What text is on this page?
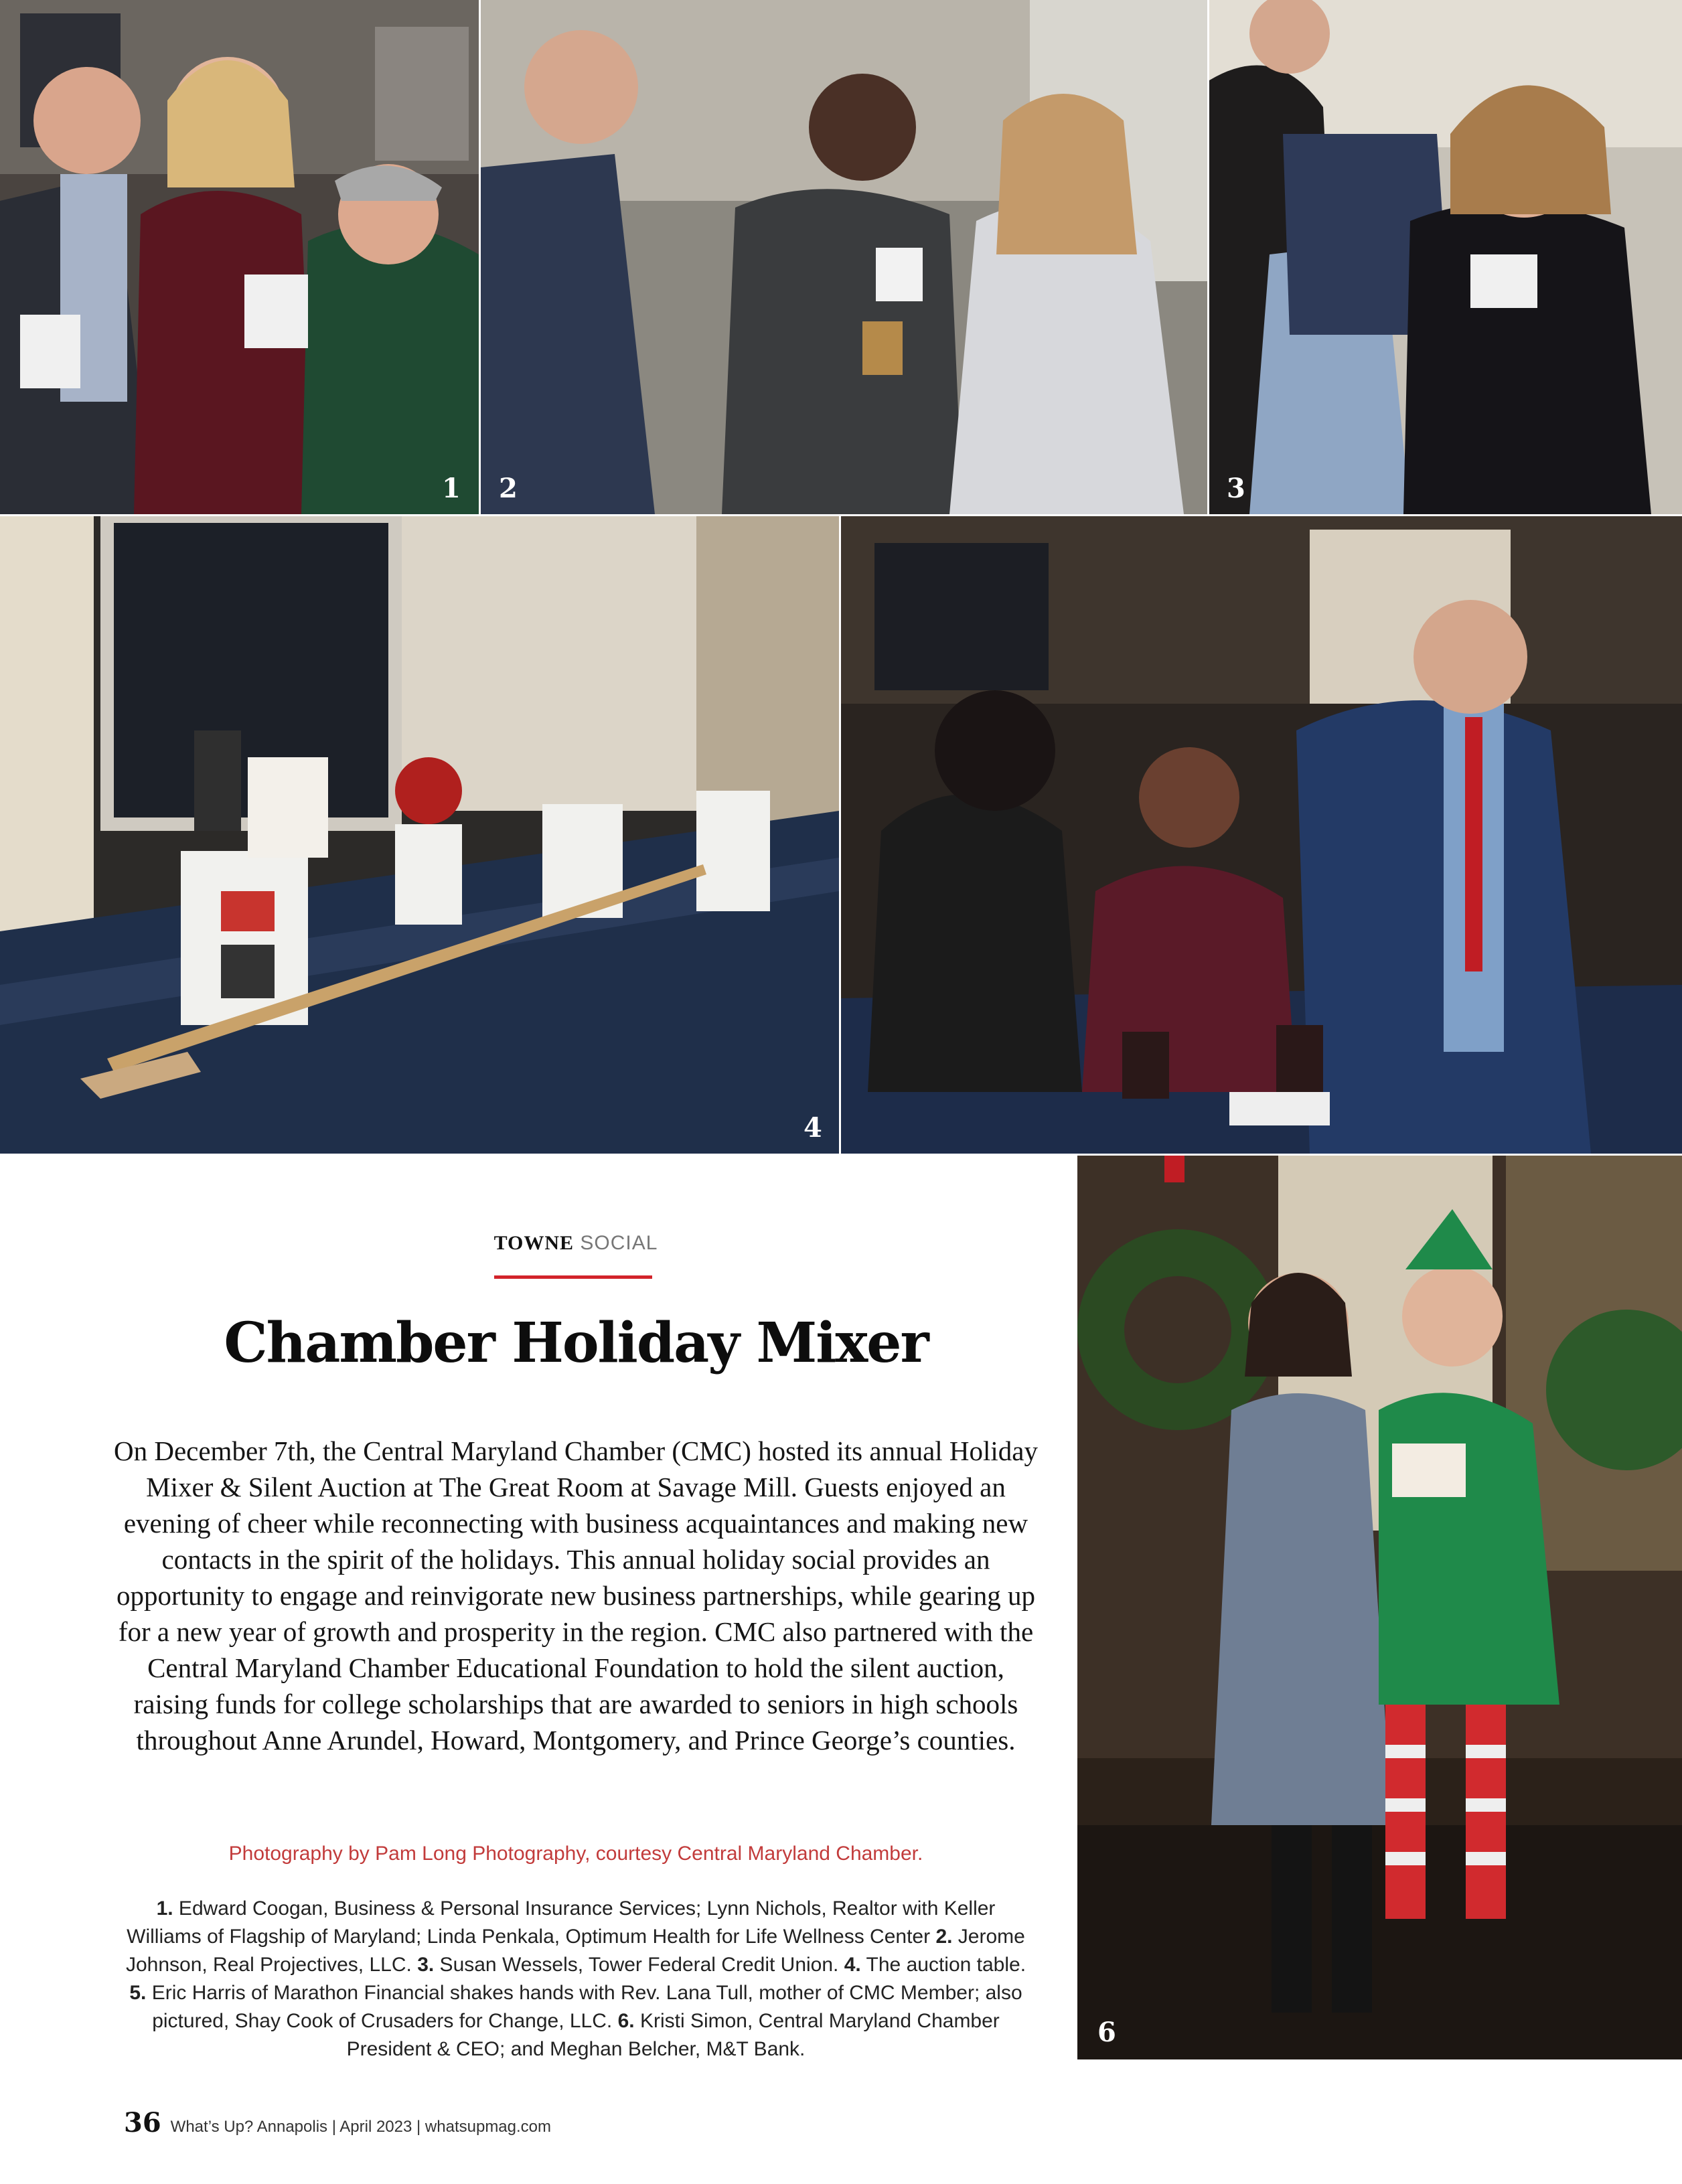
1 2	3
4
6
TOWNE SOCIAL
Chamber Holiday Mixer
On December 7th, the Central Maryland Chamber (CMC) hosted its annual Holiday Mixer & Silent Auction at The Great Room at Savage Mill. Guests enjoyed an evening of cheer while reconnecting with business acquaintances and making new contacts in the spirit of the holidays. This annual holiday social provides an opportunity to engage and reinvigorate new business partnerships, while gearing up for a new year of growth and prosperity in the region. CMC also partnered with the Central Maryland Chamber Educational Foundation to hold the silent auction, raising funds for college scholarships that are awarded to seniors in high schools throughout Anne Arundel, Howard, Montgomery, and Prince George’s counties.
Photography by Pam Long Photography, courtesy Central Maryland Chamber.
1. Edward Coogan, Business & Personal Insurance Services; Lynn Nichols, Realtor with Keller Williams of Flagship of Maryland; Linda Penkala, Optimum Health for Life Wellness Center 2. Jerome Johnson, Real Projectives, LLC. 3. Susan Wessels, Tower Federal Credit Union. 4. The auction table. 5. Eric Harris of Marathon Financial shakes hands with Rev. Lana Tull, mother of CMC Member; also pictured, Shay Cook of Crusaders for Change, LLC. 6. Kristi Simon, Central Maryland Chamber President & CEO; and Meghan Belcher, M&T Bank.
36 What’s Up? Annapolis | April 2023 | whatsupmag.com
